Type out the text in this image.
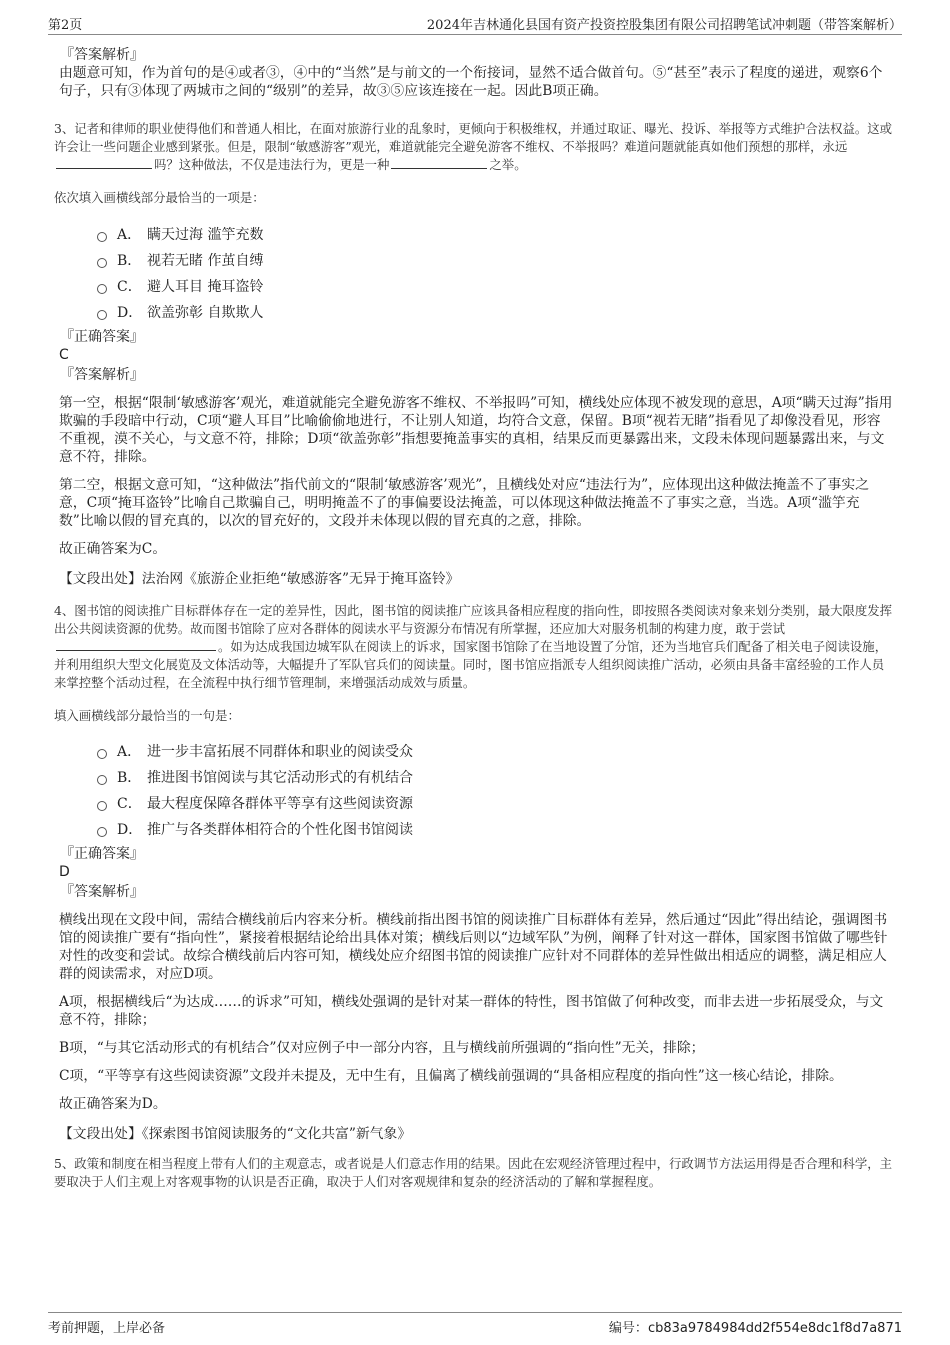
第2页	2024年吉林通化县国有资产投资控股集团有限公司招聘笔试冲刺题（带答案解析）
『答案解析』
由题意可知，作为首句的是④或者③，④中的“当然”是与前文的一个衔接词，显然不适合做首句。⑤“甚至”表示了程度的递进，观察6个句子，只有③体现了两城市之间的“级别”的差异，故③⑤应该连接在一起。因此B项正确。
3、记者和律师的职业使得他们和普通人相比，在面对旅游行业的乱象时，更倾向于积极维权，并通过取证、曝光、投诉、举报等方式维护合法权益。这或许会让一些问题企业感到紧张。但是，限制“敏感游客”观光，难道就能完全避免游客不维权、不举报吗？难道问题就能真如他们预想的那样，永远吗？这种做法，不仅是违法行为，更是一种	之举。
依次填入画横线部分最恰当的一项是：
A． 瞒天过海 滥竽充数
B． 视若无睹 作茧自缚
C． 避人耳目 掩耳盗铃
D． 欲盖弥彰 自欺欺人
『正确答案』
C
『答案解析』
第一空，根据“限制‘敏感游客’观光，难道就能完全避免游客不维权、不举报吗”可知，横线处应体现不被发现的意思，A项“瞒天过海”指用欺骗的手段暗中行动，C项“避人耳目”比喻偷偷地进行，不让别人知道，均符合文意，保留。B项“视若无睹”指看见了却像没看见，形容不重视，漠不关心，与文意不符，排除；D项“欲盖弥彰”指想要掩盖事实的真相，结果反而更暴露出来，文段未体现问题暴露出来，与文意不符，排除。
第二空，根据文意可知，“这种做法”指代前文的“限制‘敏感游客’观光”，且横线处对应“违法行为”，应体现出这种做法掩盖不了事实之意，C项“掩耳盗铃”比喻自己欺骗自己，明明掩盖不了的事偏要设法掩盖，可以体现这种做法掩盖不了事实之意，当选。A项“滥竽充数”比喻以假的冒充真的，以次的冒充好的，文段并未体现以假的冒充真的之意，排除。
故正确答案为C。
【文段出处】法治网《旅游企业拒绝“敏感游客”无异于掩耳盗铃》
4、图书馆的阅读推广目标群体存在一定的差异性，因此，图书馆的阅读推广应该具备相应程度的指向性，即按照各类阅读对象来划分类别，最大限度发挥出公共阅读资源的优势。故而图书馆除了应对各群体的阅读水平与资源分布情况有所掌握，还应加大对服务机制的构建力度，敢于尝试。如为达成我国边城军队在阅读上的诉求，国家图书馆除了在当地设置了分馆，还为当地官兵们配备了相关电子阅读设施，并利用组织大型文化展览及文体活动等，大幅提升了军队官兵们的阅读量。同时，图书馆应指派专人组织阅读推广活动，必须由具备丰富经验的工作人员来掌控整个活动过程，在全流程中执行细节管理制，来增强活动成效与质量。
填入画横线部分最恰当的一句是：
A． 进一步丰富拓展不同群体和职业的阅读受众
B． 推进图书馆阅读与其它活动形式的有机结合
C． 最大程度保障各群体平等享有这些阅读资源
D． 推广与各类群体相符合的个性化图书馆阅读
『正确答案』
D
『答案解析』
横线出现在文段中间，需结合横线前后内容来分析。横线前指出图书馆的阅读推广目标群体有差异，然后通过“因此”得出结论，强调图书馆的阅读推广要有“指向性”，紧接着根据结论给出具体对策；横线后则以“边域军队”为例，阐释了针对这一群体，国家图书馆做了哪些针对性的改变和尝试。故综合横线前后内容可知，横线处应介绍图书馆的阅读推广应针对不同群体的差异性做出相适应的调整，满足相应人群的阅读需求，对应D项。
A项，根据横线后“为达成……的诉求”可知，横线处强调的是针对某一群体的特性，图书馆做了何种改变，而非去进一步拓展受众，与文意不符，排除；
B项，“与其它活动形式的有机结合”仅对应例子中一部分内容，且与横线前所强调的“指向性”无关，排除；
C项，“平等享有这些阅读资源”文段并未提及，无中生有，且偏离了横线前强调的“具备相应程度的指向性”这一核心结论，排除。
故正确答案为D。
【文段出处】《探索图书馆阅读服务的“文化共富”新气象》
5、政策和制度在相当程度上带有人们的主观意志，或者说是人们意志作用的结果。因此在宏观经济管理过程中，行政调节方法运用得是否合理和科学，主要取决于人们主观上对客观事物的认识是否正确，取决于人们对客观规律和复杂的经济活动的了解和掌握程度。
考前押题，上岸必备	编号：cb83a9784984dd2f554e8dc1f8d7a871
